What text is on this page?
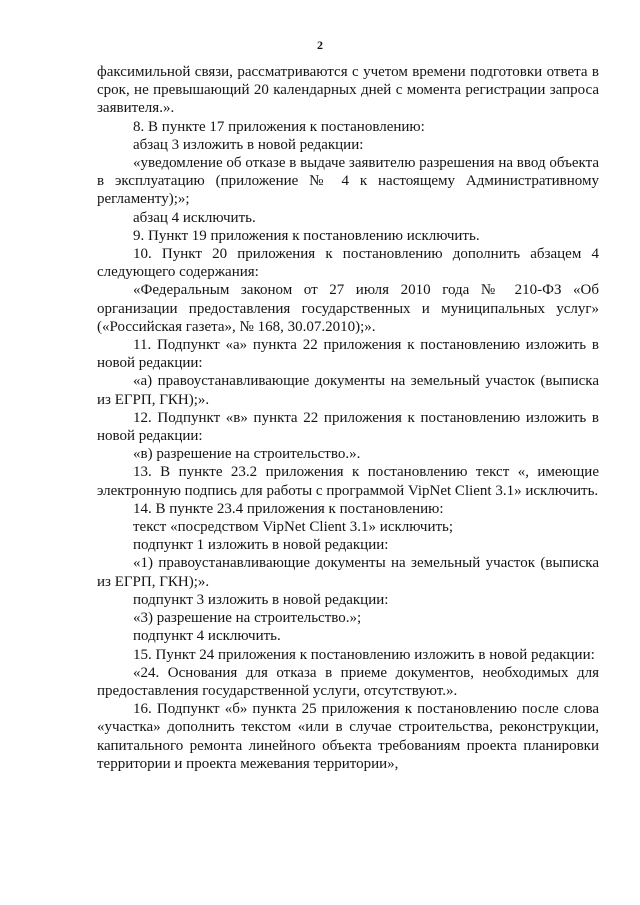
2

факсимильной связи, рассматриваются с учетом времени подготовки ответа в срок, не превышающий 20 календарных дней с момента регистрации запроса заявителя.».

8. В пункте 17 приложения к постановлению:

абзац 3 изложить в новой редакции:

«уведомление об отказе в выдаче заявителю разрешения на ввод объекта в эксплуатацию (приложение № 4 к настоящему Административному регламенту);»;

абзац 4 исключить.

9. Пункт 19 приложения к постановлению исключить.

10. Пункт 20 приложения к постановлению дополнить абзацем 4 следующего содержания:

«Федеральным законом от 27 июля 2010 года № 210-ФЗ «Об организации предоставления государственных и муниципальных услуг» («Российская газета», № 168, 30.07.2010);».

11. Подпункт «а» пункта 22 приложения к постановлению изложить в новой редакции:

«а) правоустанавливающие документы на земельный участок (выписка из ЕГРП, ГКН);».

12. Подпункт «в» пункта 22 приложения к постановлению изложить в новой редакции:

«в) разрешение на строительство.».

13. В пункте 23.2 приложения к постановлению текст «, имеющие электронную подпись для работы с программой VipNet Client 3.1» исключить.

14. В пункте 23.4 приложения к постановлению:

текст «посредством VipNet Client 3.1» исключить;

подпункт 1 изложить в новой редакции:

«1) правоустанавливающие документы на земельный участок (выписка из ЕГРП, ГКН);».

подпункт 3 изложить в новой редакции:

«3) разрешение на строительство.»;

подпункт 4 исключить.

15. Пункт 24 приложения к постановлению изложить в новой редакции:

«24. Основания для отказа в приеме документов, необходимых для предоставления государственной услуги, отсутствуют.».

16. Подпункт «б» пункта 25 приложения к постановлению после слова «участка» дополнить текстом «или в случае строительства, реконструкции, капитального ремонта линейного объекта требованиям проекта планировки территории и проекта межевания территории»,
